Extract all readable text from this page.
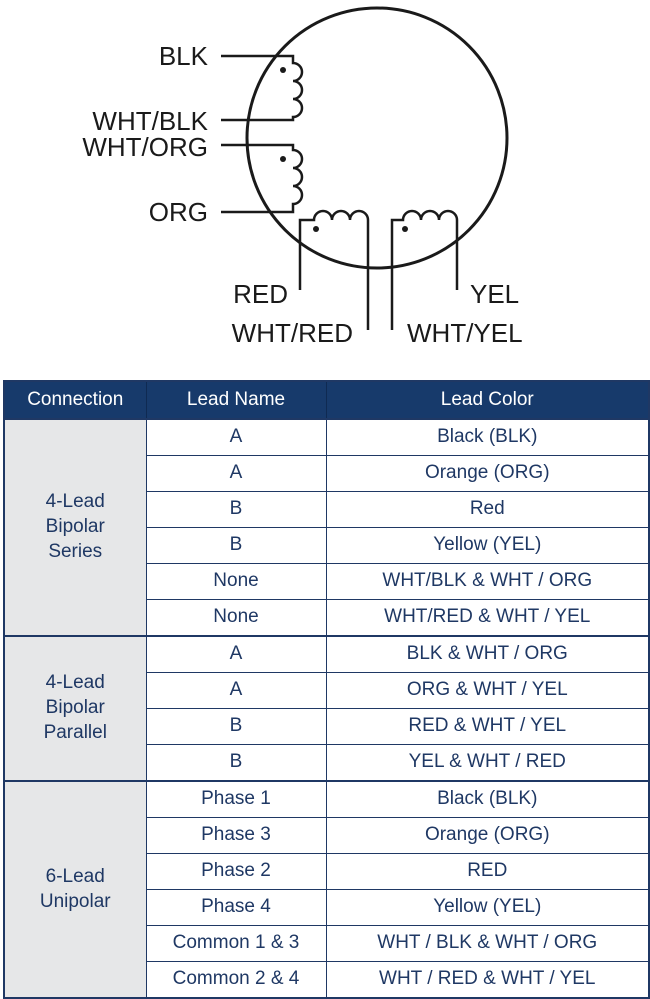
BLK
WHT/BLK
WHT/ORG
ORG
RED
WHT/RED
YEL
WHT/YEL
Connection	Lead Name	Lead Color
4-Lead Bipolar Series	A	Black (BLK)
	A	Orange (ORG)
	B	Red
	B	Yellow (YEL)
	None	WHT/BLK & WHT / ORG
	None	WHT/RED & WHT / YEL
4-Lead Bipolar Parallel	A	BLK & WHT / ORG
	A	ORG & WHT / YEL
	B	RED & WHT / YEL
	B	YEL & WHT / RED
6-Lead Unipolar	Phase 1	Black (BLK)
	Phase 3	Orange (ORG)
	Phase 2	RED
	Phase 4	Yellow (YEL)
	Common 1 & 3	WHT / BLK & WHT / ORG
	Common 2 & 4	WHT / RED & WHT / YEL
